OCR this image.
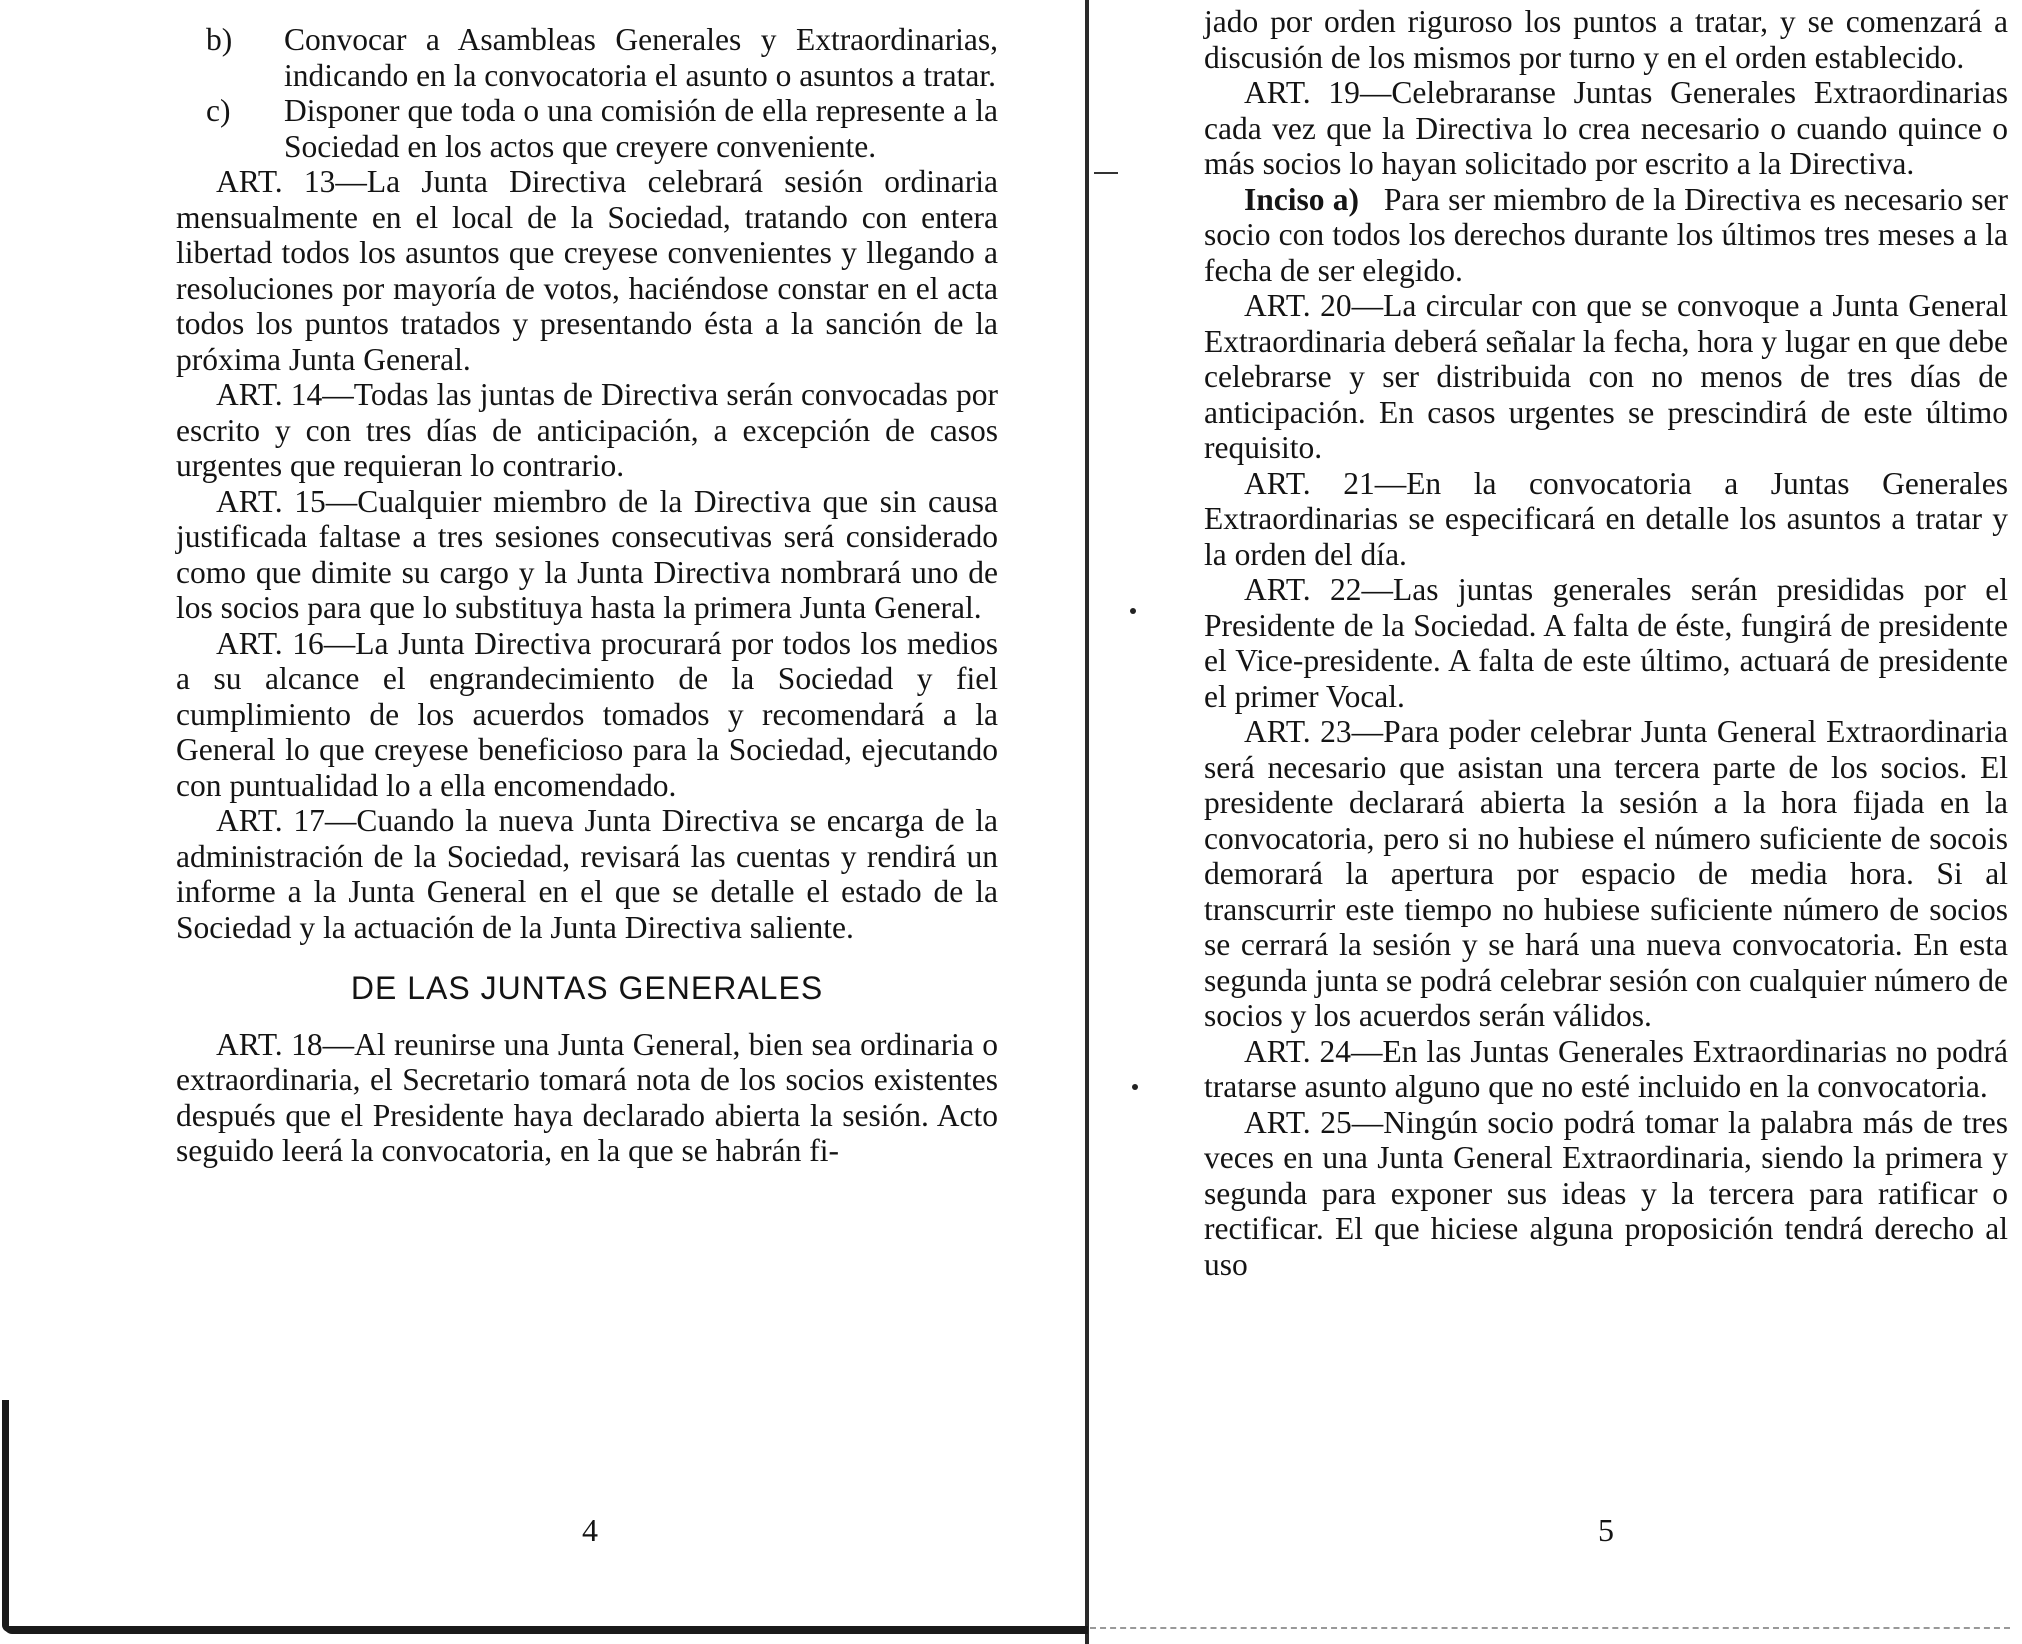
b)	Convocar a Asambleas Generales y Extraordinarias, indicando en la convocatoria el asunto o asuntos a tratar.
c)	Disponer que toda o una comisión de ella represente a la Sociedad en los actos que creyere conveniente.

ART. 13—La Junta Directiva celebrará sesión ordinaria mensualmente en el local de la Sociedad, tratando con entera libertad todos los asuntos que creyese convenientes y llegando a resoluciones por mayoría de votos, haciéndose constar en el acta todos los puntos tratados y presentando ésta a la sanción de la próxima Junta General.

ART. 14—Todas las juntas de Directiva serán convocadas por escrito y con tres días de anticipación, a excepción de casos urgentes que requieran lo contrario.

ART. 15—Cualquier miembro de la Directiva que sin causa justificada faltase a tres sesiones consecutivas será considerado como que dimite su cargo y la Junta Directiva nombrará uno de los socios para que lo substituya hasta la primera Junta General.

ART. 16—La Junta Directiva procurará por todos los medios a su alcance el engrandecimiento de la Sociedad y fiel cumplimiento de los acuerdos tomados y recomendará a la General lo que creyese beneficioso para la Sociedad, ejecutando con puntualidad lo a ella encomendado.

ART. 17—Cuando la nueva Junta Directiva se encarga de la administración de la Sociedad, revisará las cuentas y rendirá un informe a la Junta General en el que se detalle el estado de la Sociedad y la actuación de la Junta Directiva saliente.

DE LAS JUNTAS GENERALES

ART. 18—Al reunirse una Junta General, bien sea ordinaria o extraordinaria, el Secretario tomará nota de los socios existentes después que el Presidente haya declarado abierta la sesión. Acto seguido leerá la convocatoria, en la que se habrán fi-

4

jado por orden riguroso los puntos a tratar, y se comenzará a discusión de los mismos por turno y en el orden establecido.

ART. 19—Celebraranse Juntas Generales Extraordinarias cada vez que la Directiva lo crea necesario o cuando quince o más socios lo hayan solicitado por escrito a la Directiva.

Inciso a) Para ser miembro de la Directiva es necesario ser socio con todos los derechos durante los últimos tres meses a la fecha de ser elegido.

ART. 20—La circular con que se convoque a Junta General Extraordinaria deberá señalar la fecha, hora y lugar en que debe celebrarse y ser distribuida con no menos de tres días de anticipación. En casos urgentes se prescindirá de este último requisito.

ART. 21—En la convocatoria a Juntas Generales Extraordinarias se especificará en detalle los asuntos a tratar y la orden del día.

ART. 22—Las juntas generales serán presididas por el Presidente de la Sociedad. A falta de éste, fungirá de presidente el Vice-presidente. A falta de este último, actuará de presidente el primer Vocal.

ART. 23—Para poder celebrar Junta General Extraordinaria será necesario que asistan una tercera parte de los socios. El presidente declarará abierta la sesión a la hora fijada en la convocatoria, pero si no hubiese el número suficiente de socois demorará la apertura por espacio de media hora. Si al transcurrir este tiempo no hubiese suficiente número de socios se cerrará la sesión y se hará una nueva convocatoria. En esta segunda junta se podrá celebrar sesión con cualquier número de socios y los acuerdos serán válidos.

ART. 24—En las Juntas Generales Extraordinarias no podrá tratarse asunto alguno que no esté incluido en la convocatoria.

ART. 25—Ningún socio podrá tomar la palabra más de tres veces en una Junta General Extraordinaria, siendo la primera y segunda para exponer sus ideas y la tercera para ratificar o rectificar. El que hiciese alguna proposición tendrá derecho al uso

5
